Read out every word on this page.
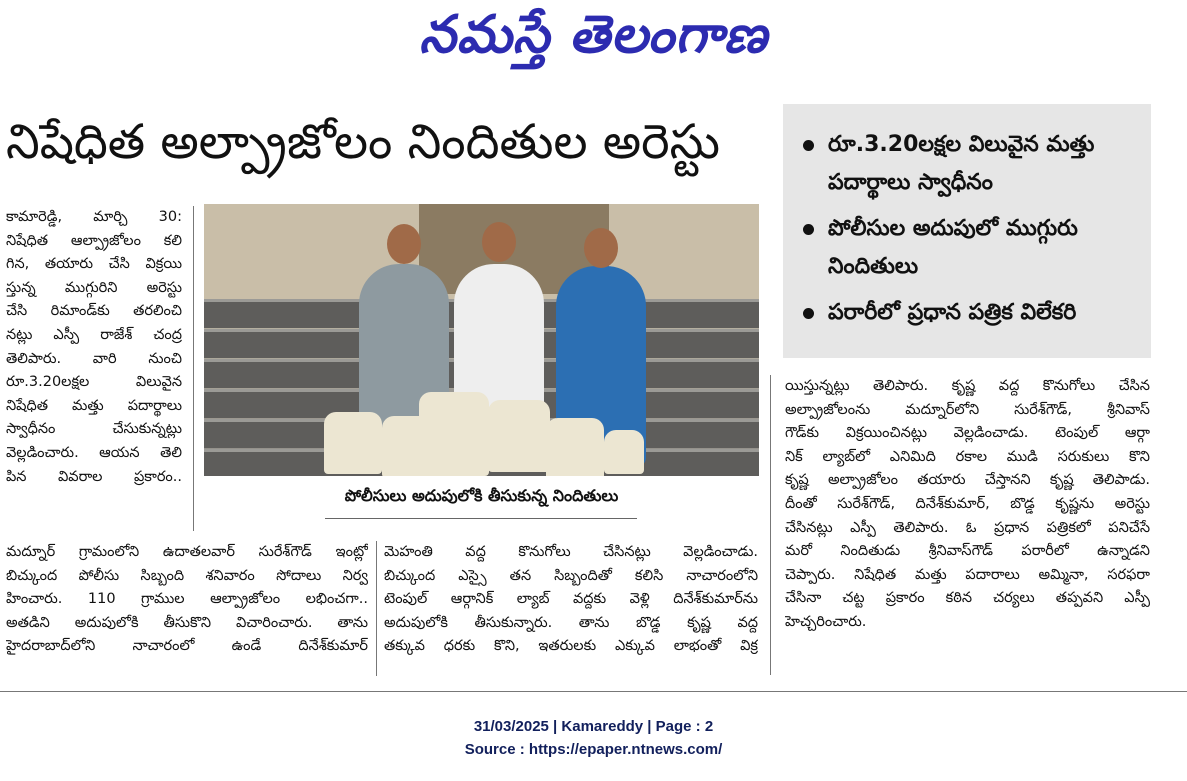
నమస్తే తెలంగాణ
నిషేధిత అల్ప్రాజోలం నిందితుల అరెస్టు	రూ.3.20లక్షల విలువైన మత్తు పదార్థాలు స్వాధీనం
పోలీసుల అదుపులో ముగ్గురు నిందితులు
పరారీలో ప్రధాన పత్రిక విలేకరి
కామారెడ్డి, మార్చి 30:
నిషేధిత ఆల్ప్రాజోలం కలి
గిన, తయారు చేసి విక్రయి
స్తున్న ముగ్గురిని అరెస్టు
చేసి రిమాండ్‌కు తరలించి
నట్లు ఎస్పీ రాజేశ్ చంద్ర
తెలిపారు. వారి నుంచి
రూ.3.20లక్షల విలువైన
నిషేధిత మత్తు పదార్థాలు
స్వాధీనం చేసుకున్నట్లు
వెల్లడించారు. ఆయన తెలి
పిన వివరాల ప్రకారం..
పోలీసులు అదుపులోకి తీసుకున్న నిందితులు
మద్నూర్ గ్రామంలోని ఉదాతలవార్ సురేశ్‌గౌడ్ ఇంట్లో
బిచ్కుంద పోలీసు సిబ్బంది శనివారం సోదాలు నిర్వ
హించారు. 110 గ్రాముల ఆల్ప్రాజోలం లభించగా..
అతడిని అదుపులోకి తీసుకొని విచారించారు. తాను
హైదరాబాద్‌లోని నాచారంలో ఉండే దినేశ్‌కుమార్
మెహంతి వద్ద కొనుగోలు చేసినట్లు వెల్లడించాడు.
బిచ్కుంద ఎస్సై తన సిబ్బందితో కలిసి నాచారంలోని
టెంపుల్ ఆర్గానిక్ ల్యాబ్ వద్దకు వెళ్లి దినేశ్‌కుమార్‌ను
అదుపులోకి తీసుకున్నారు. తాను బొడ్డ కృష్ణ వద్ద
తక్కువ ధరకు కొని, ఇతరులకు ఎక్కువ లాభంతో విక్ర
యిస్తున్నట్లు తెలిపారు. కృష్ణ వద్ద కొనుగోలు చేసిన
అల్ప్రాజోలంను మద్నూర్‌లోని సురేశ్‌గౌడ్, శ్రీనివాస్
గౌడ్‌కు విక్రయించినట్లు వెల్లడించాడు. టెంపుల్ ఆర్గా
నిక్ ల్యాబ్‌లో ఎనిమిది రకాల ముడి సరుకులు కొని
కృష్ణ అల్ప్రాజోలం తయారు చేస్తానని కృష్ణ తెలిపాడు.
దీంతో సురేశ్‌గౌడ్, దినేశ్‌కుమార్, బొడ్డ కృష్ణను అరెస్టు
చేసినట్లు ఎస్పీ తెలిపారు. ఓ ప్రధాన పత్రికలో పనిచేసే
మరో నిందితుడు శ్రీనివాస్‌గౌడ్ పరారీలో ఉన్నాడని
చెప్పారు. నిషేధిత మత్తు పదారాలు అమ్మినా, సరఫరా
చేసినా చట్ట ప్రకారం కఠిన చర్యలు తప్పవని ఎస్పీ
హెచ్చరించారు.
31/03/2025 | Kamareddy | Page : 2
Source : https://epaper.ntnews.com/
